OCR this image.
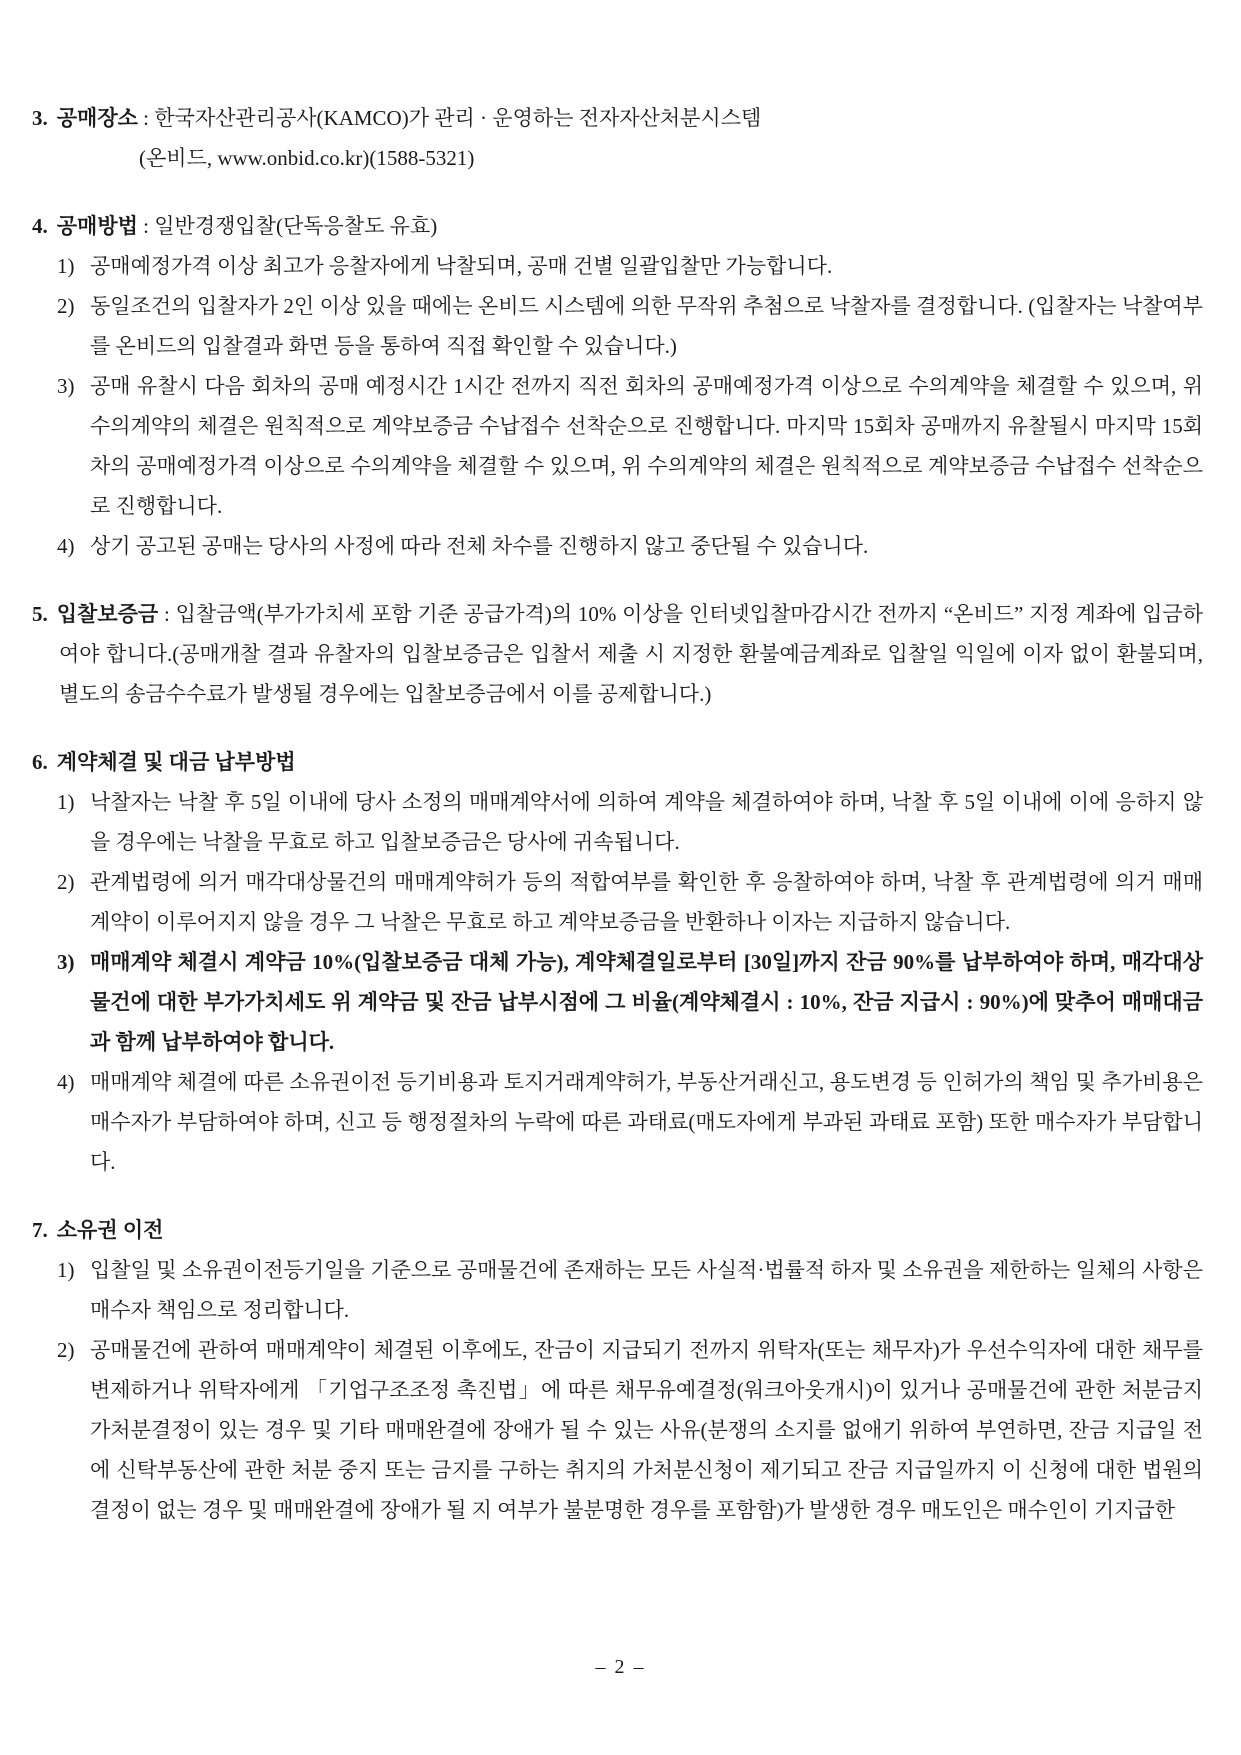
3. 공매장소 : 한국자산관리공사(KAMCO)가 관리 · 운영하는 전자자산처분시스템

(온비드, www.onbid.co.kr)(1588-5321)

4. 공매방법 : 일반경쟁입찰(단독응찰도 유효)

1) 공매예정가격 이상 최고가 응찰자에게 낙찰되며, 공매 건별 일괄입찰만 가능합니다.

2) 동일조건의 입찰자가 2인 이상 있을 때에는 온비드 시스템에 의한 무작위 추첨으로 낙찰자를 결정합니다. (입찰자는 낙찰여부를 온비드의 입찰결과 화면 등을 통하여 직접 확인할 수 있습니다.)

3) 공매 유찰시 다음 회차의 공매 예정시간 1시간 전까지 직전 회차의 공매예정가격 이상으로 수의계약을 체결할 수 있으며, 위 수의계약의 체결은 원칙적으로 계약보증금 수납접수 선착순으로 진행합니다. 마지막 15회차 공매까지 유찰될시 마지막 15회차의 공매예정가격 이상으로 수의계약을 체결할 수 있으며, 위 수의계약의 체결은 원칙적으로 계약보증금 수납접수 선착순으로 진행합니다.

4) 상기 공고된 공매는 당사의 사정에 따라 전체 차수를 진행하지 않고 중단될 수 있습니다.

5. 입찰보증금 : 입찰금액(부가가치세 포함 기준 공급가격)의 10% 이상을 인터넷입찰마감시간 전까지 “온비드” 지정 계좌에 입금하여야 합니다.(공매개찰 결과 유찰자의 입찰보증금은 입찰서 제출 시 지정한 환불예금계좌로 입찰일 익일에 이자 없이 환불되며, 별도의 송금수수료가 발생될 경우에는 입찰보증금에서 이를 공제합니다.)

6. 계약체결 및 대금 납부방법

1) 낙찰자는 낙찰 후 5일 이내에 당사 소정의 매매계약서에 의하여 계약을 체결하여야 하며, 낙찰 후 5일 이내에 이에 응하지 않을 경우에는 낙찰을 무효로 하고 입찰보증금은 당사에 귀속됩니다.

2) 관계법령에 의거 매각대상물건의 매매계약허가 등의 적합여부를 확인한 후 응찰하여야 하며, 낙찰 후 관계법령에 의거 매매계약이 이루어지지 않을 경우 그 낙찰은 무효로 하고 계약보증금을 반환하나 이자는 지급하지 않습니다.

3) 매매계약 체결시 계약금 10%(입찰보증금 대체 가능), 계약체결일로부터 [30일]까지 잔금 90%를 납부하여야 하며, 매각대상 물건에 대한 부가가치세도 위 계약금 및 잔금 납부시점에 그 비율(계약체결시 : 10%, 잔금 지급시 : 90%)에 맞추어 매매대금과 함께 납부하여야 합니다.

4) 매매계약 체결에 따른 소유권이전 등기비용과 토지거래계약허가, 부동산거래신고, 용도변경 등 인허가의 책임 및 추가비용은 매수자가 부담하여야 하며, 신고 등 행정절차의 누락에 따른 과태료(매도자에게 부과된 과태료 포함) 또한 매수자가 부담합니다.

7. 소유권 이전

1) 입찰일 및 소유권이전등기일을 기준으로 공매물건에 존재하는 모든 사실적·법률적 하자 및 소유권을 제한하는 일체의 사항은 매수자 책임으로 정리합니다.

2) 공매물건에 관하여 매매계약이 체결된 이후에도, 잔금이 지급되기 전까지 위탁자(또는 채무자)가 우선수익자에 대한 채무를 변제하거나 위탁자에게 「기업구조조정 촉진법」에 따른 채무유예결정(워크아웃개시)이 있거나 공매물건에 관한 처분금지가처분결정이 있는 경우 및 기타 매매완결에 장애가 될 수 있는 사유(분쟁의 소지를 없애기 위하여 부연하면, 잔금 지급일 전에 신탁부동산에 관한 처분 중지 또는 금지를 구하는 취지의 가처분신청이 제기되고 잔금 지급일까지 이 신청에 대한 법원의 결정이 없는 경우 및 매매완결에 장애가 될 지 여부가 불분명한 경우를 포함함)가 발생한 경우 매도인은 매수인이 기지급한

– 2 –
